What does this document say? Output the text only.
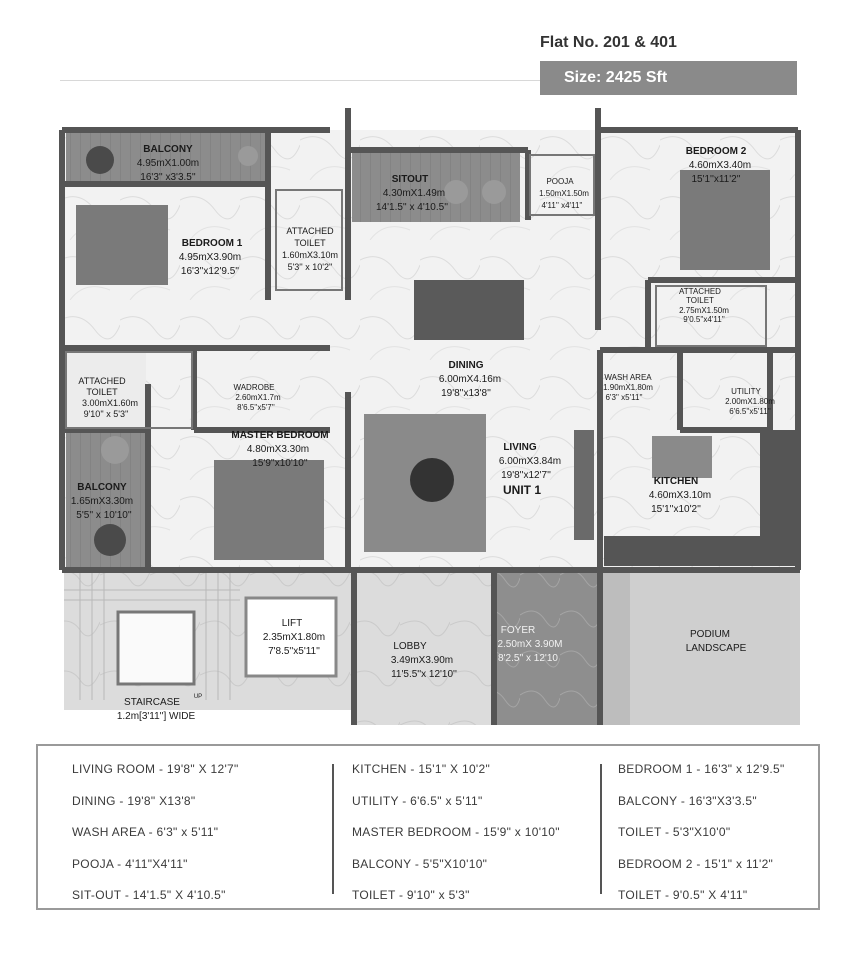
Flat No. 201 & 401
Size: 2425 Sft
BALCONY
4.95mX1.00m
16'3'' x3'3.5''
BEDROOM 1
4.95mX3.90m
16'3''x12'9.5''
ATTACHED
TOILET
1.60mX3.10m
5'3'' x 10'2''
SITOUT
4.30mX1.49m
14'1.5'' x 4'10.5''
POOJA
1.50mX1.50m
4'11'' x4'11''
BEDROOM 2
4.60mX3.40m
15'1''x11'2''
ATTACHED
TOILET
2.75mX1.50m
9'0.5''x4'11''
DINING
6.00mX4.16m
19'8''x13'8''
ATTACHED
TOILET
3.00mX1.60m
9'10'' x 5'3''
WADROBE
2.60mX1.7m
8'6.5''x5'7''
MASTER BEDROOM
4.80mX3.30m
15'9''x10'10''
WASH AREA
1.90mX1.80m
6'3'' x5'11''
UTILITY
2.00mX1.80m
6'6.5''x5'11''
BALCONY
1.65mX3.30m
5'5'' x 10'10''
LIVING
6.00mX3.84m
19'8''x12'7''
UNIT 1
KITCHEN
4.60mX3.10m
15'1''x10'2''
LIFT
2.35mX1.80m
7'8.5''x5'11''	LOBBY
3.49mX3.90m
11'5.5''x 12'10''
FOYER
2.50mX 3.90M
8'2.5'' x 12'10
PODIUM
LANDSCAPE
STAIRCASE UP
1.2m[3'11''] WIDE
LIVING ROOM - 19'8" X 12'7"
DINING - 19'8" X13'8"
WASH AREA - 6'3" x 5'11"
POOJA - 4'11"X4'11"
SIT-OUT - 14'1.5" X 4'10.5"
KITCHEN - 15'1" X 10'2"
UTILITY - 6'6.5" x 5'11"
MASTER BEDROOM - 15'9" x 10'10"
BALCONY - 5'5"X10'10"
TOILET - 9'10" x 5'3"
BEDROOM 1 - 16'3" x 12'9.5"
BALCONY - 16'3"X3'3.5"
TOILET - 5'3"X10'0"
BEDROOM 2 - 15'1" x 11'2"
TOILET - 9'0.5" X 4'11"
